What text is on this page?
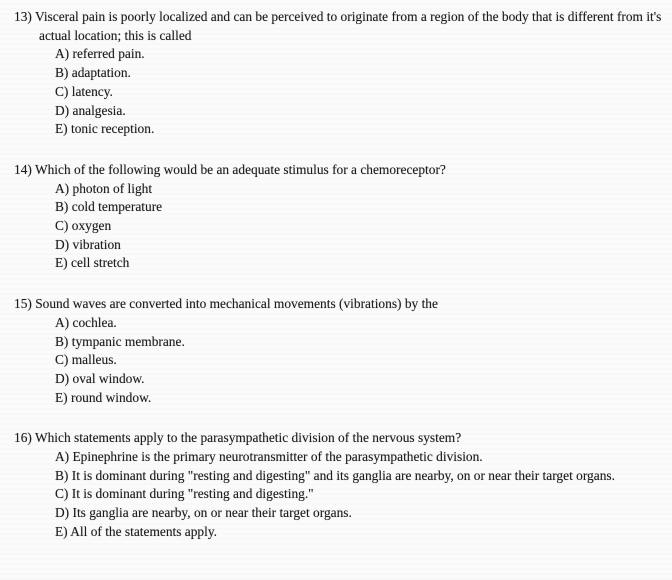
13) Visceral pain is poorly localized and can be perceived to originate from a region of the body that is different from it's actual location; this is called
A) referred pain.
B) adaptation.
C) latency.
D) analgesia.
E) tonic reception.
14) Which of the following would be an adequate stimulus for a chemoreceptor?
A) photon of light
B) cold temperature
C) oxygen
D) vibration
E) cell stretch
15) Sound waves are converted into mechanical movements (vibrations) by the
A) cochlea.
B) tympanic membrane.
C) malleus.
D) oval window.
E) round window.
16) Which statements apply to the parasympathetic division of the nervous system?
A) Epinephrine is the primary neurotransmitter of the parasympathetic division.
B) It is dominant during "resting and digesting" and its ganglia are nearby, on or near their target organs.
C) It is dominant during "resting and digesting."
D) Its ganglia are nearby, on or near their target organs.
E) All of the statements apply.
